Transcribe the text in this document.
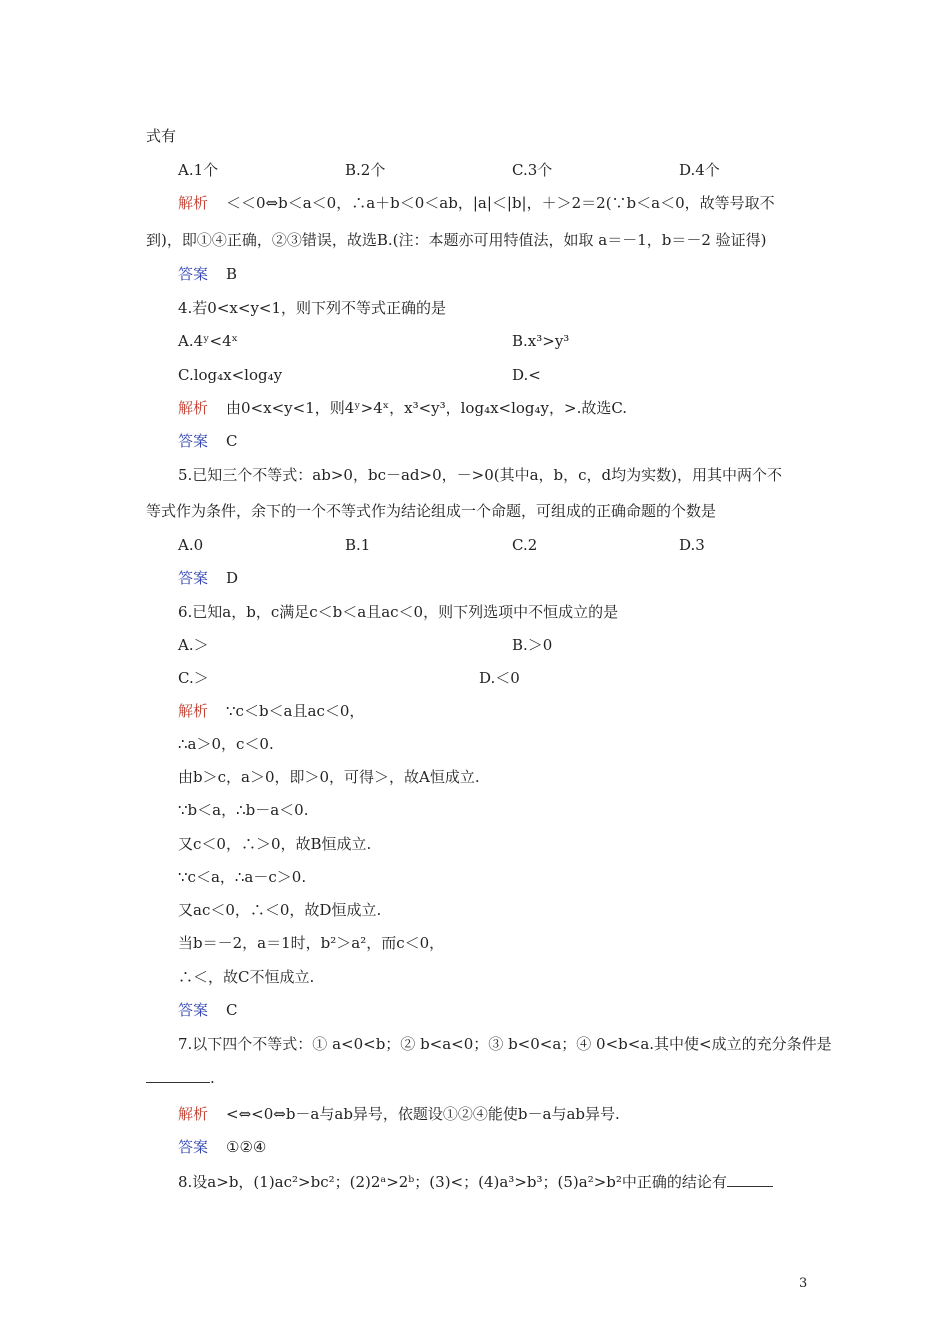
式有
A.1个	B.2个	C.3个	D.4个
解析 ＜＜0⇔b＜a＜0，∴a＋b＜0＜ab，|a|＜|b|，＋＞2＝2(∵b＜a＜0，故等号取不
到)，即①④正确，②③错误，故选B.(注：本题亦可用特值法，如取 a＝－1，b＝－2 验证得)
答案 B
4.若0<x<y<1，则下列不等式正确的是
A.4ʸ<4ˣ	B.x³>y³
C.log₄x<log₄y	D.<
解析 由0<x<y<1，则4ʸ>4ˣ，x³<y³，log₄x<log₄y，>.故选C.
答案 C
5.已知三个不等式：ab>0，bc－ad>0，－>0(其中a，b，c，d均为实数)，用其中两个不
等式作为条件，余下的一个不等式作为结论组成一个命题，可组成的正确命题的个数是
A.0	B.1	C.2	D.3
答案 D
6.已知a，b，c满足c＜b＜a且ac＜0，则下列选项中不恒成立的是
A.＞	B.＞0
C.＞	D.＜0
解析 ∵c＜b＜a且ac＜0，
∴a＞0，c＜0.
由b＞c，a＞0，即＞0，可得＞，故A恒成立.
∵b＜a，∴b－a＜0.
又c＜0，∴＞0，故B恒成立.
∵c＜a，∴a－c＞0.
又ac＜0，∴＜0，故D恒成立.
当b＝－2，a＝1时，b²＞a²，而c＜0，
∴＜，故C不恒成立.
答案 C
7.以下四个不等式：① a<0<b；② b<a<0；③ b<0<a；④ 0<b<a.其中使<成立的充分条件是
.
解析 <⇔<0⇔b－a与ab异号，依题设①②④能使b－a与ab异号.
答案 ①②④
8.设a>b，(1)ac²>bc²；(2)2ᵃ>2ᵇ；(3)<；(4)a³>b³；(5)a²>b²中正确的结论有
3
